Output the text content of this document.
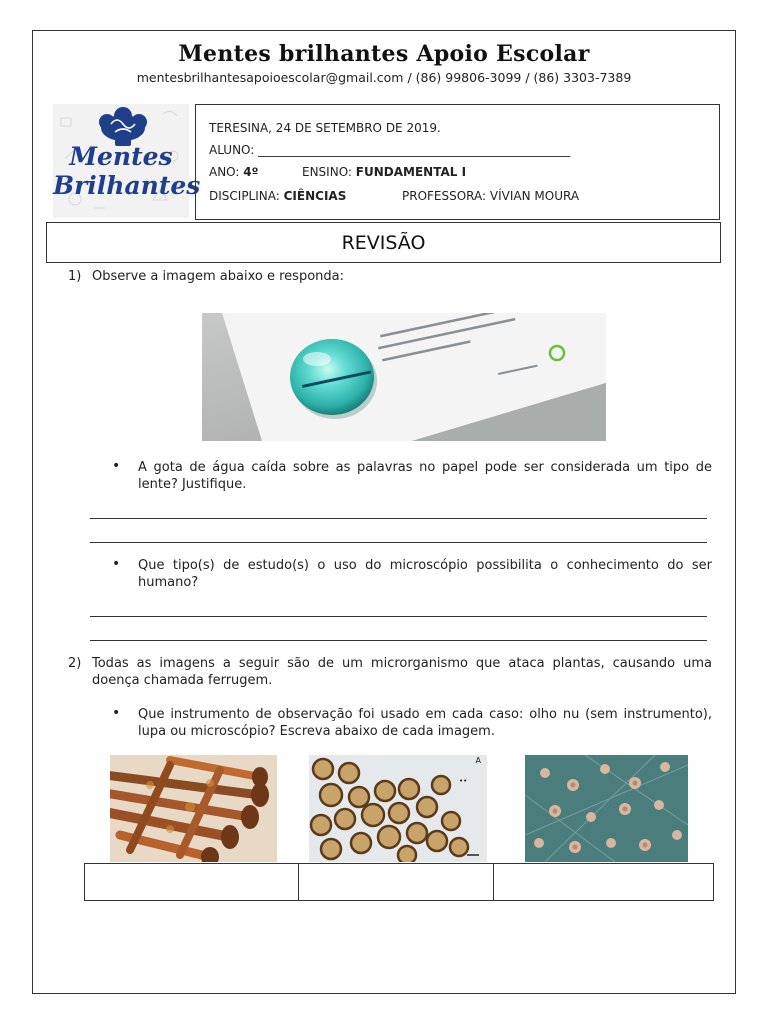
Mentes brilhantes Apoio Escolar
mentesbrilhantesapoioescolar@gmail.com / (86) 99806-3099 / (86) 3303-7389
Mentes
Brilhantes
TERESINA, 24 DE SETEMBRO DE 2019.
ALUNO: ____________________________________________________
ANO: 4º	ENSINO: FUNDAMENTAL I
DISCIPLINA: CIÊNCIAS	PROFESSORA: VÍVIAN MOURA
REVISÃO
1) Observe a imagem abaixo e responda:
• A gota de água caída sobre as palavras no papel pode ser considerada um tipo de lente? Justifique.
• Que tipo(s) de estudo(s) o uso do microscópio possibilita o conhecimento do ser humano?
2) Todas as imagens a seguir são de um microrganismo que ataca plantas, causando uma doença chamada ferrugem.
• Que instrumento de observação foi usado em cada caso: olho nu (sem instrumento), lupa ou microscópio? Escreva abaixo de cada imagem.
A
••
